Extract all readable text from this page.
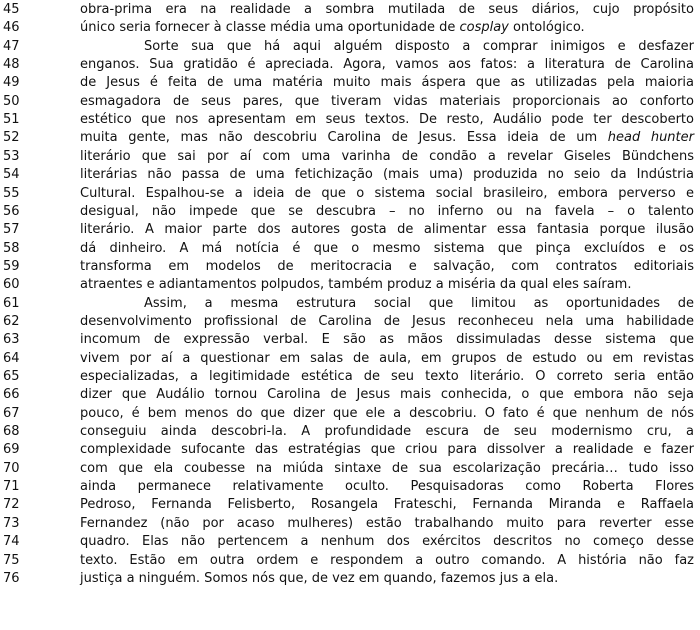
45	obra-prima era na realidade a sombra mutilada de seus diários, cujo propósito
46	único seria fornecer à classe média uma oportunidade de cosplay ontológico.
47	Sorte sua que há aqui alguém disposto a comprar inimigos e desfazer
48	enganos. Sua gratidão é apreciada. Agora, vamos aos fatos: a literatura de Carolina
49	de Jesus é feita de uma matéria muito mais áspera que as utilizadas pela maioria
50	esmagadora de seus pares, que tiveram vidas materiais proporcionais ao conforto
51	estético que nos apresentam em seus textos. De resto, Audálio pode ter descoberto
52	muita gente, mas não descobriu Carolina de Jesus. Essa ideia de um head hunter
53	literário que sai por aí com uma varinha de condão a revelar Giseles Bündchens
54	literárias não passa de uma fetichização (mais uma) produzida no seio da Indústria
55	Cultural. Espalhou-se a ideia de que o sistema social brasileiro, embora perverso e
56	desigual, não impede que se descubra – no inferno ou na favela – o talento
57	literário. A maior parte dos autores gosta de alimentar essa fantasia porque ilusão
58	dá dinheiro. A má notícia é que o mesmo sistema que pinça excluídos e os
59	transforma em modelos de meritocracia e salvação, com contratos editoriais
60	atraentes e adiantamentos polpudos, também produz a miséria da qual eles saíram.
61	Assim, a mesma estrutura social que limitou as oportunidades de
62	desenvolvimento profissional de Carolina de Jesus reconheceu nela uma habilidade
63	incomum de expressão verbal. E são as mãos dissimuladas desse sistema que
64	vivem por aí a questionar em salas de aula, em grupos de estudo ou em revistas
65	especializadas, a legitimidade estética de seu texto literário. O correto seria então
66	dizer que Audálio tornou Carolina de Jesus mais conhecida, o que embora não seja
67	pouco, é bem menos do que dizer que ele a descobriu. O fato é que nenhum de nós
68	conseguiu ainda descobri-la. A profundidade escura de seu modernismo cru, a
69	complexidade sufocante das estratégias que criou para dissolver a realidade e fazer
70	com que ela coubesse na miúda sintaxe de sua escolarização precária… tudo isso
71	ainda permanece relativamente oculto. Pesquisadoras como Roberta Flores
72	Pedroso, Fernanda Felisberto, Rosangela Frateschi, Fernanda Miranda e Raffaela
73	Fernandez (não por acaso mulheres) estão trabalhando muito para reverter esse
74	quadro. Elas não pertencem a nenhum dos exércitos descritos no começo desse
75	texto. Estão em outra ordem e respondem a outro comando. A história não faz
76	justiça a ninguém. Somos nós que, de vez em quando, fazemos jus a ela.
